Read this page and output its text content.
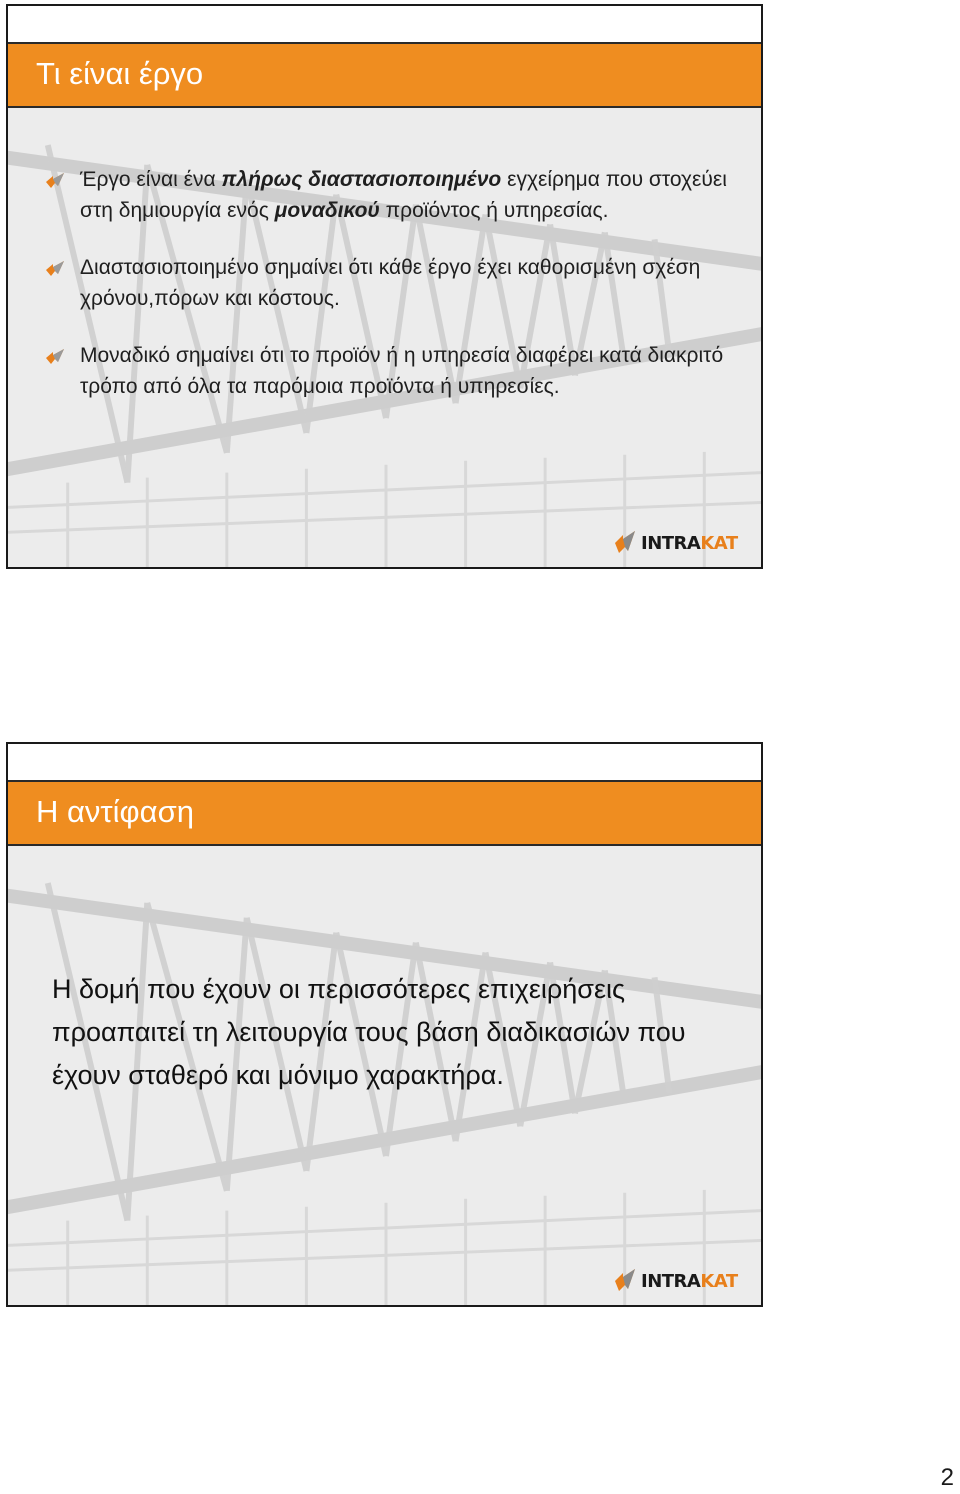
Τι είναι έργο
Έργο είναι ένα πλήρως διαστασιοποιημένο εγχείρημα που στοχεύει στη δημιουργία ενός μοναδικού προϊόντος ή υπηρεσίας.
Διαστασιοποιημένο σημαίνει ότι κάθε έργο έχει καθορισμένη σχέση χρόνου,πόρων και κόστους.
Μοναδικό σημαίνει ότι το προϊόν ή η υπηρεσία διαφέρει κατά διακριτό τρόπο από όλα τα παρόμοια προϊόντα ή υπηρεσίες.
INTRAKAT
Η αντίφαση
Η δομή που έχουν οι περισσότερες επιχειρήσεις προαπαιτεί τη λειτουργία τους βάση διαδικασιών που έχουν σταθερό και μόνιμο χαρακτήρα.
INTRAKAT
2
